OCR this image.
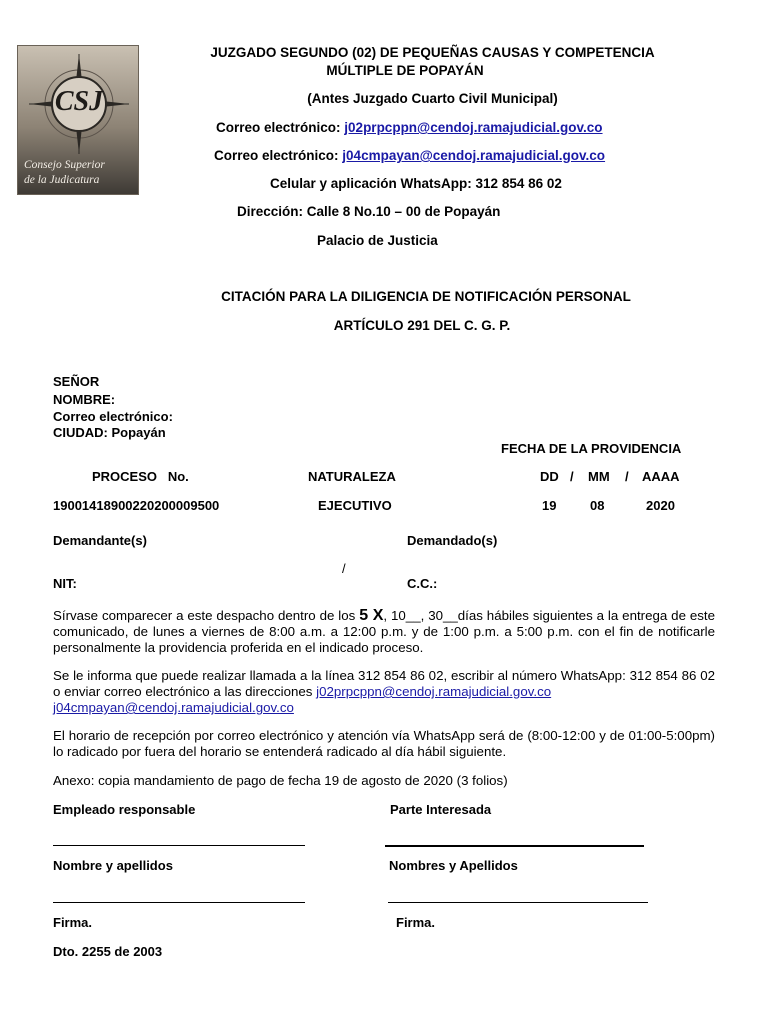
CSJ
Consejo Superior
de la Judicatura
JUZGADO SEGUNDO (02) DE PEQUEÑAS CAUSAS Y COMPETENCIA
MÚLTIPLE DE POPAYÁN
(Antes Juzgado Cuarto Civil Municipal)
Correo electrónico: j02prpcppn@cendoj.ramajudicial.gov.co
Correo electrónico: j04cmpayan@cendoj.ramajudicial.gov.co
Celular y aplicación WhatsApp: 312 854 86 02
Dirección: Calle 8 No.10 – 00 de Popayán
Palacio de Justicia
CITACIÓN PARA LA DILIGENCIA DE NOTIFICACIÓN PERSONAL
ARTÍCULO 291 DEL C. G. P.
SEÑOR
NOMBRE:
Correo electrónico:
CIUDAD: Popayán
FECHA DE LA PROVIDENCIA
PROCESO   No.	NATURALEZA	DD / MM / AAAA
19001418900220200009500	EJECUTIVO	19	08	2020
Demandante(s)	Demandado(s)
/
NIT:	C.C.:
Sírvase comparecer a este despacho dentro de los 5 X, 10__, 30__días hábiles siguientes a la entrega de este comunicado, de lunes a viernes de 8:00 a.m. a 12:00 p.m. y de 1:00 p.m. a 5:00 p.m. con el fin de notificarle personalmente la providencia proferida en el indicado proceso.
Se le informa que puede realizar llamada a la línea 312 854 86 02, escribir al número WhatsApp: 312 854 86 02 o enviar correo electrónico a las direcciones j02prpcppn@cendoj.ramajudicial.gov.co
j04cmpayan@cendoj.ramajudicial.gov.co
El horario de recepción por correo electrónico y atención vía WhatsApp será de (8:00-12:00 y de 01:00-5:00pm) lo radicado por fuera del horario se entenderá radicado al día hábil siguiente.
Anexo: copia mandamiento de pago de fecha 19 de agosto de 2020 (3 folios)
Empleado responsable	Parte Interesada
Nombre y apellidos	Nombres y Apellidos
Firma.	Firma.
Dto. 2255 de 2003
